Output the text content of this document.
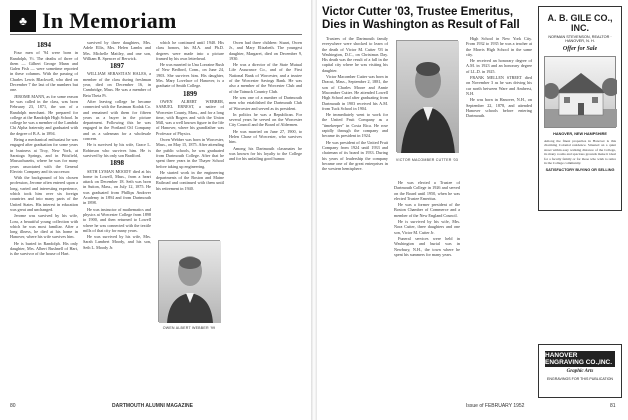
♣ In Memoriam
1894

Four men of '94 were born in Randolph, Vt. The deaths of three of them — Gilbert George Mann and Galen Fish — were sometime reported in these columns. With the passing of Charles Lewis Blackwell, who died on December 7 the last of the numbers but one.

JEROME MANN, as for some reason he was called in the class, was born February 23, 1871, the son of a Randolph merchant. He prepared for college at the Randolph High School. In college he was a member of the Lambda Chi Alpha fraternity and graduated with the degree of B.A. in 1894.

Being a mechanical enthusiast he was engaged after graduation for some years in business at Troy, New York, at Saratoga Springs, and in Pittsfield, Massachusetts, where he was for many years associated with the General Electric Company and its successor.

With the background of his chosen profession, Jerome often entered upon a long, varied and interesting experience, which took him over six foreign countries and into many parts of the United States. His interest in education was great and unchanged.

Jerome was survived by his wife, Lora, a beautiful young collection with which he was most familiar. After a long illness, he died at his home in Hanover, where his wife survives him.

He is buried in Randolph. His only daughter, Mrs. Albert Bushnell of Hart, is the survivor of the house of Hart.

survived by three daughters, Mrs. Adele Ellis, Mrs. Helen Lambs and Mrs. Michelle Mattley, and one son, William B. Spencer of Berwick.

1897

WILLIAM SEBASTIAN HALES, a member of the class during freshman year, died on December 16, in Cambridge, Mass. He was a member of Beta Theta Pi.

After leaving college he became connected with the Eastman Kodak Co. and remained with them for fifteen years as a buyer in the picture department. Following this he was engaged in the Portland Oil Company and as a salesman for a wholesale concern.

He is survived by his wife, Grace L. Robinson who survives him. He is survived by his only son Bradford.

1898

SETH LYMAN MOODY died at his home in Lowell, Mass., from a heart attack on December 18. Seth was born in Sutton, Mass., on July 12, 1875. He was graduated from Phillips Andover Academy in 1894 and from Dartmouth in 1898.

He was instructor of mathematics and physics at Worcester College from 1898 to 1900, and then returned to Lowell where he was connected with the textile mills of that city for many years.

He was survived by his wife, Mrs. Sarah Lambert Moody, and his son, Seth L. Moody Jr.

which he continued until 1940. His class honors, his M.A. and Ph.D. degrees were made into a picture framed by his own letterhead.

He was married to Una Lorraine Rush of New Bedford, Conn., on June 24, 1903. She survives him. His daughter, Mrs. Mary Lovelace of Hanover, is a graduate of Smith College.

1899

OWEN ALBERT WEBBER, SAMUEL ERNEST, a native of Worcester County, Mass., and for a long time, with Rogers and with the Union Mill, was a well known figure in the life of Hanover, where his grandfather was Professor of Physics.

Owen Webber was born in Worcester, Mass., on May 15, 1875. After attending the public schools, he was graduated from Dartmouth College. After that he spent three years in the Thayer School before taking up engineering.

He started work in the engineering departments of the Boston and Maine Railroad and continued with them until his retirement in 1940.

Owen had three children: Stuart, Owen Jr., and Mary Elizabeth. The youngest daughter, Margaret, died on December 9, 1930.

He was a director of the State Mutual Life Assurance Co., and of the First National Bank of Worcester, and a trustee of the Worcester Savings Bank. He was also a member of the Worcester Club and of the Tatnuck Country Club.

He was one of a number of Dartmouth men who established the Dartmouth Club of Worcester and served as its president.

In politics he was a Republican. For several years he served on the Worcester City Council and the Board of Aldermen.

He was married on June 27, 1900, to Helen Chase of Worcester, who survives him.

Among his Dartmouth classmates he was known for his loyalty to the College and for his unfailing good humor.

OWEN ALBERT WEBBER '99
80	DARTMOUTH ALUMNI MAGAZINE
Victor Cutter '03, Trustee Emeritus, Dies in Washington as Result of Fall

Trustees of the Dartmouth family everywhere were shocked to learn of the death of Victor M. Cutter '03 in Washington, D.C., on Christmas Day. His death was the result of a fall in the capital city where he was visiting his daughter.

Victor Macomber Cutter was born in Dracut, Mass., September 2, 1881, the son of Charles Moore and Annie Macomber Cutter. He attended Lowell High School and after graduating from Dartmouth in 1903 received his A.M. from Tuck School in 1904.

He immediately went to work for the United Fruit Company as a "timekeeper" in Costa Rica. He rose rapidly through the company and became its president in 1924.

He was president of the United Fruit Company from 1924 until 1933 and chairman of its board in 1933. During his years of leadership the company became one of the great enterprises in the western hemisphere.

He was elected a Trustee of Dartmouth College in 1926 and served on the Board until 1950, when he was elected Trustee Emeritus.

He was a former president of the Boston Chamber of Commerce and a member of the New England Council.

He is survived by his wife, Mrs. Nora Cutter, three daughters and one son, Victor M. Cutter Jr.

Funeral services were held in Washington and burial was in Newbury, N.H., the town where he spent his summers for many years.

High School in New York City. From 1932 to 1935 he was a teacher at the Morris High School in the same city.

He received an honorary degree of A.M. in 1923 and an honorary degree of LL.D. in 1925.

FRANK MELLEN STREET died on November 3 as he was driving his car north between Ware and Amherst, N.H.

He was born in Hanover, N.H., on September 22, 1878, and attended Hanover schools before entering Dartmouth.

VICTOR MACOMBER CUTTER '03
A. B. GILE CO., INC.
NORMAN STEVENSON, REALTOR · HANOVER, N. H.
Offer for Sale
HANOVER, NEW HAMPSHIRE
Among the finest properties in Hanover is this charming Colonial residence. Situated on a quiet street within easy walking distance of the College, its many rooms and spacious grounds make it ideal for a faculty family or for those who wish to retire in the College community.
SATISFACTORY BUYING OR SELLING
HANOVER ENGRAVING CO.,INC.
Graphic Arts
ENGRAVINGS FOR THIS PUBLICATION
Issue of FEBRUARY 1952	81
